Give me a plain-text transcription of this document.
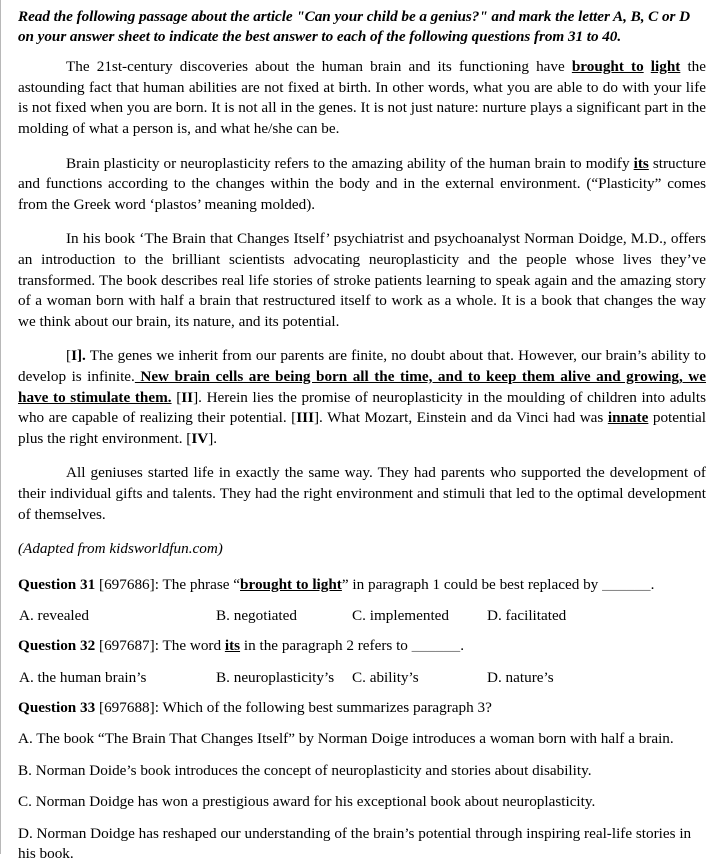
Read the following passage about the article "Can your child be a genius?" and mark the letter A, B, C or D on your answer sheet to indicate the best answer to each of the following questions from 31 to 40.

The 21st-century discoveries about the human brain and its functioning have brought to light the astounding fact that human abilities are not fixed at birth. In other words, what you are able to do with your life is not fixed when you are born. It is not all in the genes. It is not just nature: nurture plays a significant part in the molding of what a person is, and what he/she can be.

Brain plasticity or neuroplasticity refers to the amazing ability of the human brain to modify its structure and functions according to the changes within the body and in the external environment. (“Plasticity” comes from the Greek word ‘plastos’ meaning molded).

In his book ‘The Brain that Changes Itself’ psychiatrist and psychoanalyst Norman Doidge, M.D., offers an introduction to the brilliant scientists advocating neuroplasticity and the people whose lives they’ve transformed. The book describes real life stories of stroke patients learning to speak again and the amazing story of a woman born with half a brain that restructured itself to work as a whole. It is a book that changes the way we think about our brain, its nature, and its potential.

[I]. The genes we inherit from our parents are finite, no doubt about that. However, our brain’s ability to develop is infinite. New brain cells are being born all the time, and to keep them alive and growing, we have to stimulate them. [II]. Herein lies the promise of neuroplasticity in the moulding of children into adults who are capable of realizing their potential. [III]. What Mozart, Einstein and da Vinci had was innate potential plus the right environment. [IV].

All geniuses started life in exactly the same way. They had parents who supported the development of their individual gifts and talents. They had the right environment and stimuli that led to the optimal development of themselves.

(Adapted from kidsworldfun.com)
Question 31 [697686]: The phrase “brought to light” in paragraph 1 could be best replaced by ______.
A. revealed	B. negotiated	C. implemented D. facilitated
Question 32 [697687]: The word its in the paragraph 2 refers to ______.
A. the human brain’s	B. neuroplasticity’s C. ability’s	D. nature’s
Question 33 [697688]: Which of the following best summarizes paragraph 3?
A. The book “The Brain That Changes Itself” by Norman Doige introduces a woman born with half a brain.
B. Norman Doide’s book introduces the concept of neuroplasticity and stories about disability.
C. Norman Doidge has won a prestigious award for his exceptional book about neuroplasticity.
D. Norman Doidge has reshaped our understanding of the brain’s potential through inspiring real-life stories in his book.
